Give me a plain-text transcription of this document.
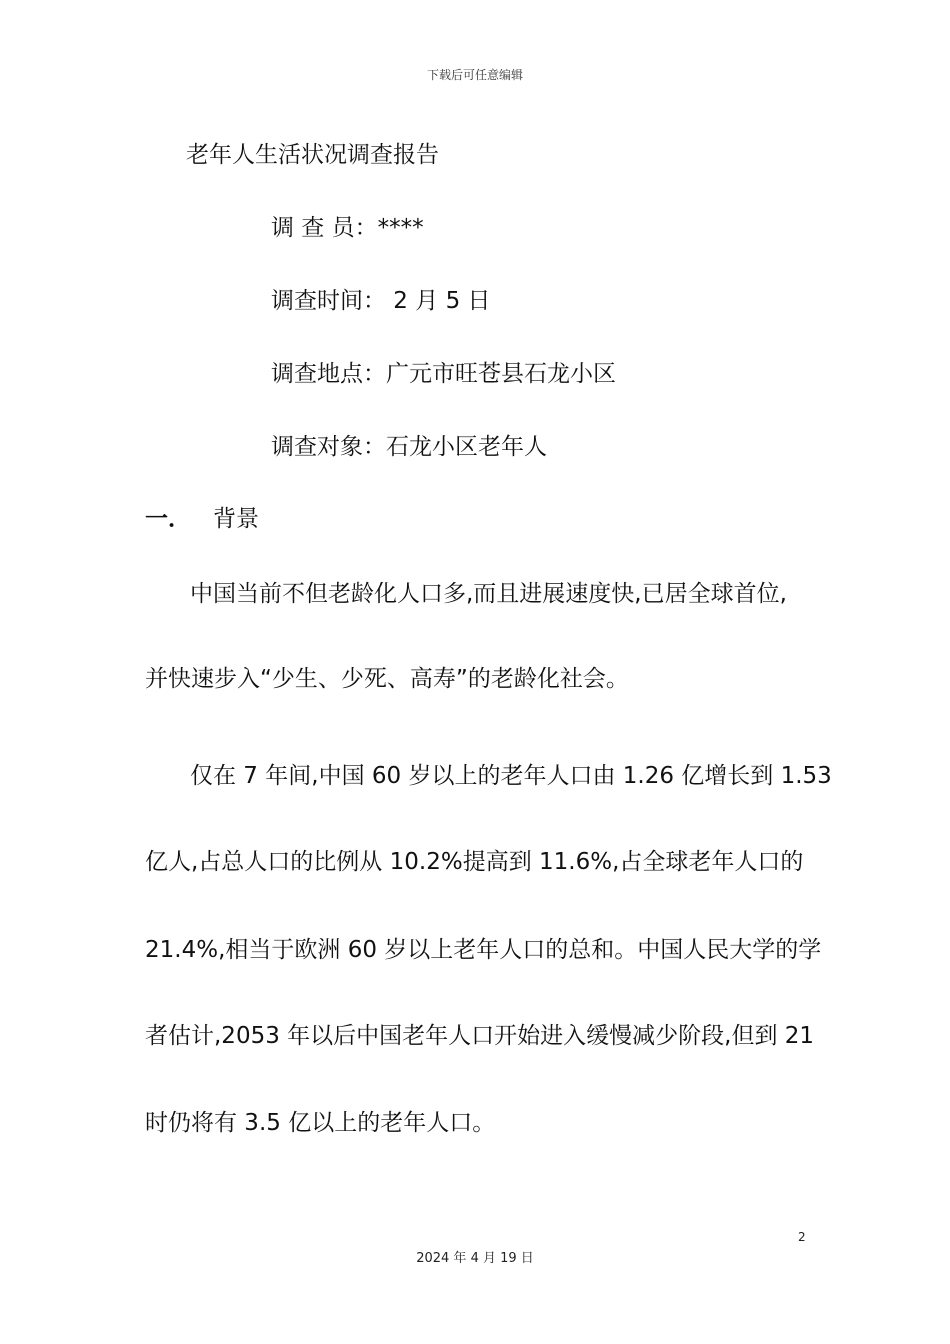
下载后可任意编辑
老年人生活状况调查报告

调 查 员：****

调查时间： 2 月 5 日

调查地点：广元市旺苍县石龙小区

调查对象：石龙小区老年人

一． 背景

中国当前不但老龄化人口多,而且进展速度快,已居全球首位,

并快速步入“少生、少死、高寿”的老龄化社会。

仅在 7 年间,中国 60 岁以上的老年人口由 1.26 亿增长到 1.53

亿人,占总人口的比例从 10.2%提高到 11.6%,占全球老年人口的

21.4%,相当于欧洲 60 岁以上老年人口的总和。中国人民大学的学

者估计,2053 年以后中国老年人口开始进入缓慢减少阶段,但到 21

时仍将有 3.5 亿以上的老年人口。

2
2024 年 4 月 19 日
